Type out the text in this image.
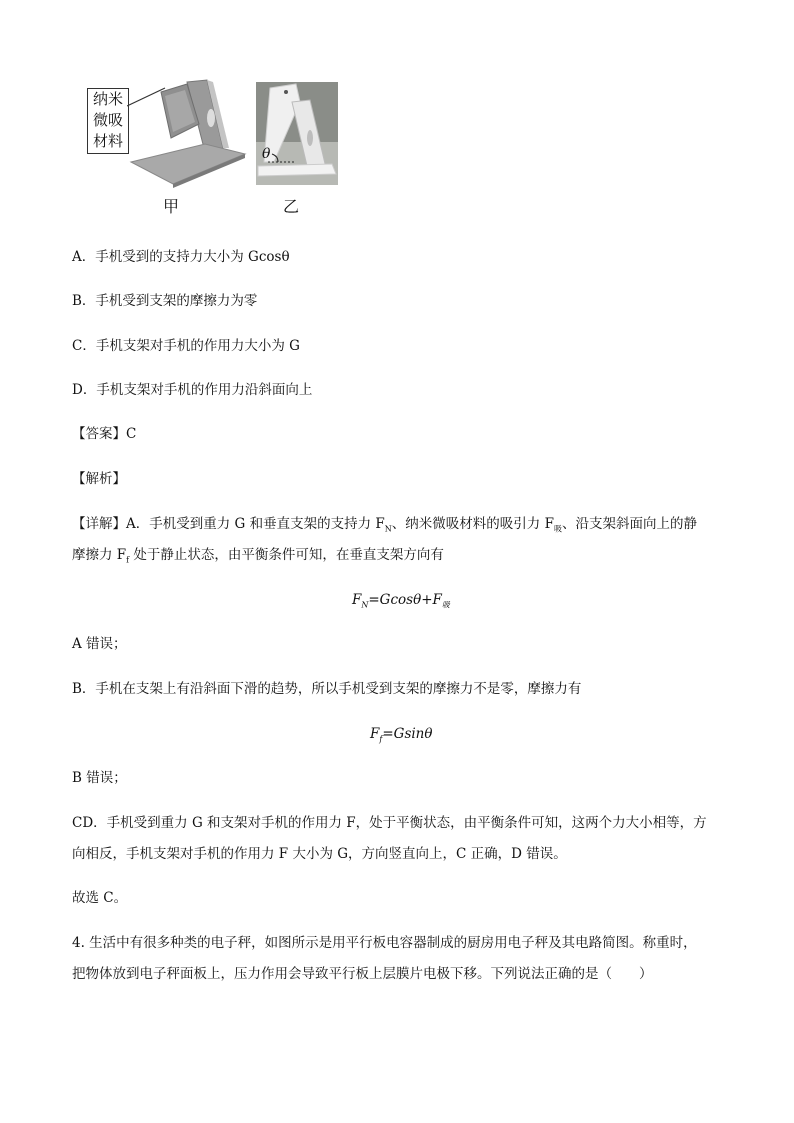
纳米
微吸
材料
甲
θ
乙
A．手机受到的支持力大小为 Gcosθ
B．手机受到支架的摩擦力为零
C．手机支架对手机的作用力大小为 G
D．手机支架对手机的作用力沿斜面向上
【答案】C
【解析】
【详解】A．手机受到重力 G 和垂直支架的支持力 $F_N$、纳米微吸材料的吸引力 $F_吸$、沿支架斜面向上的静
摩擦力 $F_f$ 处于静止状态，由平衡条件可知，在垂直支架方向有
$F_N=Gcos\theta+F_吸$
A 错误；
B．手机在支架上有沿斜面下滑的趋势，所以手机受到支架的摩擦力不是零，摩擦力有
$F_f=Gsin\theta$
B 错误；
CD．手机受到重力 G 和支架对手机的作用力 F，处于平衡状态，由平衡条件可知，这两个力大小相等，方
向相反，手机支架对手机的作用力 F 大小为 G，方向竖直向上，C 正确，D 错误。
故选 C。
4. 生活中有很多种类的电子秤，如图所示是用平行板电容器制成的厨房用电子秤及其电路简图。称重时，
把物体放到电子秤面板上，压力作用会导致平行板上层膜片电极下移。下列说法正确的是（　　）
